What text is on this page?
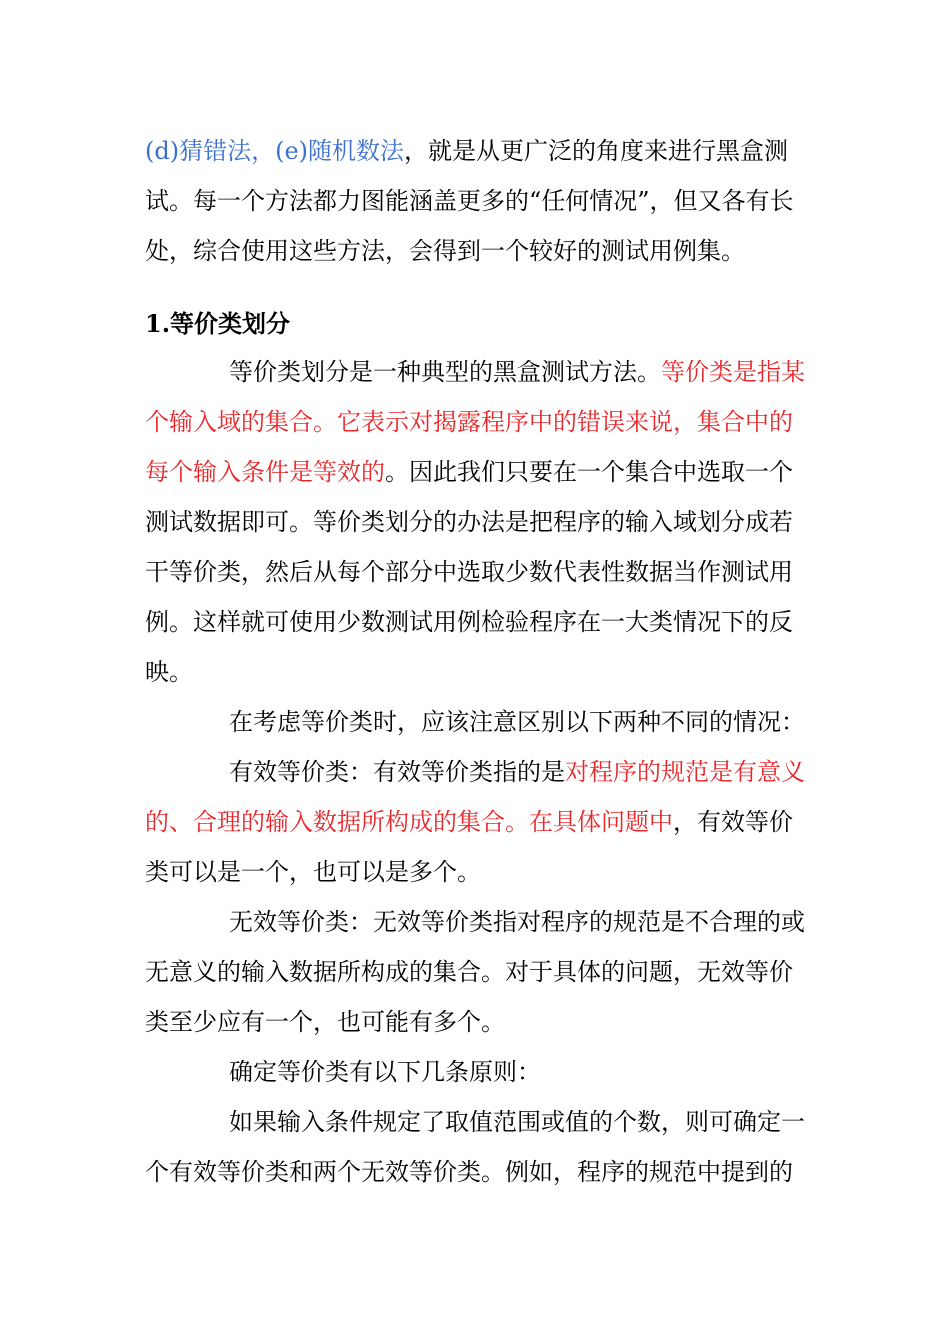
(d)猜错法，(e)随机数法，就是从更广泛的角度来进行黑盒测试。每一个方法都力图能涵盖更多的“任何情况”，但又各有长处，综合使用这些方法，会得到一个较好的测试用例集。

1.等价类划分

等价类划分是一种典型的黑盒测试方法。等价类是指某个输入域的集合。它表示对揭露程序中的错误来说，集合中的每个输入条件是等效的。因此我们只要在一个集合中选取一个测试数据即可。等价类划分的办法是把程序的输入域划分成若干等价类，然后从每个部分中选取少数代表性数据当作测试用例。这样就可使用少数测试用例检验程序在一大类情况下的反映。

在考虑等价类时，应该注意区别以下两种不同的情况：

有效等价类：有效等价类指的是对程序的规范是有意义的、合理的输入数据所构成的集合。在具体问题中，有效等价类可以是一个，也可以是多个。

无效等价类：无效等价类指对程序的规范是不合理的或无意义的输入数据所构成的集合。对于具体的问题，无效等价类至少应有一个，也可能有多个。

确定等价类有以下几条原则：

如果输入条件规定了取值范围或值的个数，则可确定一个有效等价类和两个无效等价类。例如，程序的规范中提到的
